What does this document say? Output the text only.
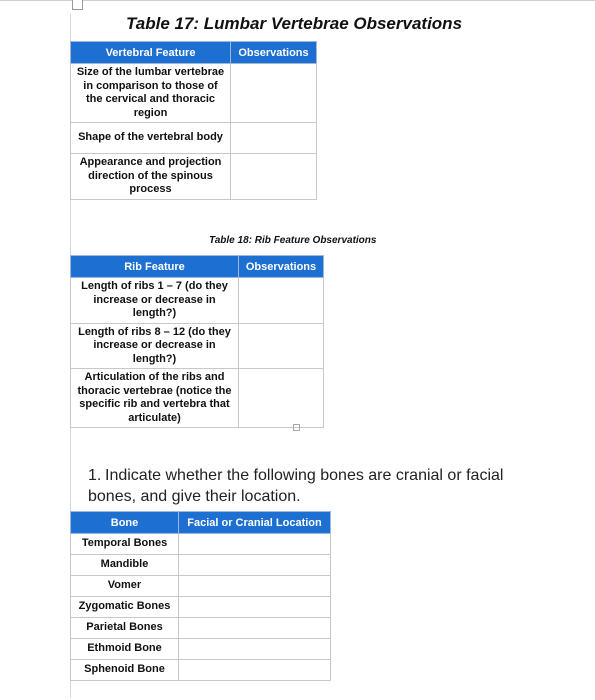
Table 17: Lumbar Vertebrae Observations
Vertebral Feature	Observations
Size of the lumbar vertebrae in comparison to those of the cervical and thoracic region	
Shape of the vertebral body	
Appearance and projection direction of the spinous process	
Table 18: Rib Feature Observations
Rib Feature	Observations
Length of ribs 1 – 7 (do they increase or decrease in length?)	
Length of ribs 8 – 12 (do they increase or decrease in length?)	
Articulation of the ribs and thoracic vertebrae (notice the specific rib and vertebra that articulate)	
1. Indicate whether the following bones are cranial or facial bones, and give their location.
Bone	Facial or Cranial Location
Temporal Bones	
Mandible	
Vomer	
Zygomatic Bones	
Parietal Bones	
Ethmoid Bone	
Sphenoid Bone	
